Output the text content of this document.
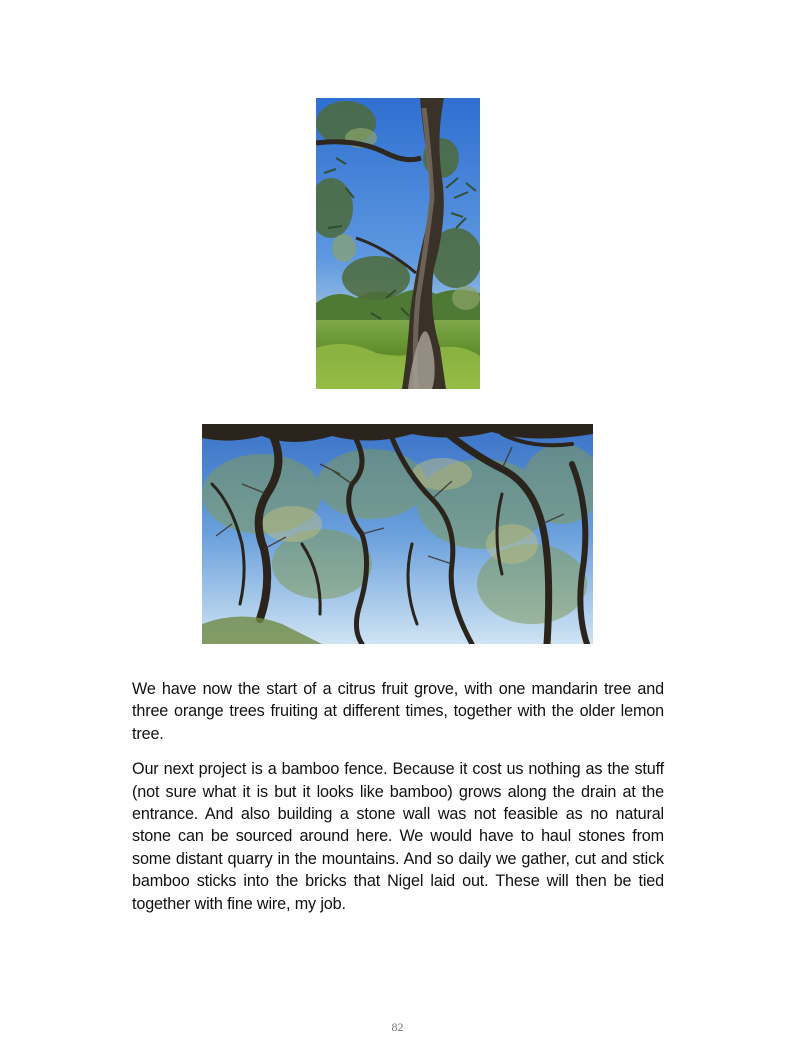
We have now the start of a citrus fruit grove, with one mandarin tree and three orange trees fruiting at different times, together with the older lemon tree.

Our next project is a bamboo fence. Because it cost us nothing as the stuff (not sure what it is but it looks like bamboo) grows along the drain at the entrance. And also building a stone wall was not feasible as no natural stone can be sourced around here. We would have to haul stones from some distant quarry in the mountains. And so daily we gather, cut and stick bamboo sticks into the bricks that Nigel laid out. These will then be tied together with fine wire, my job.

82
